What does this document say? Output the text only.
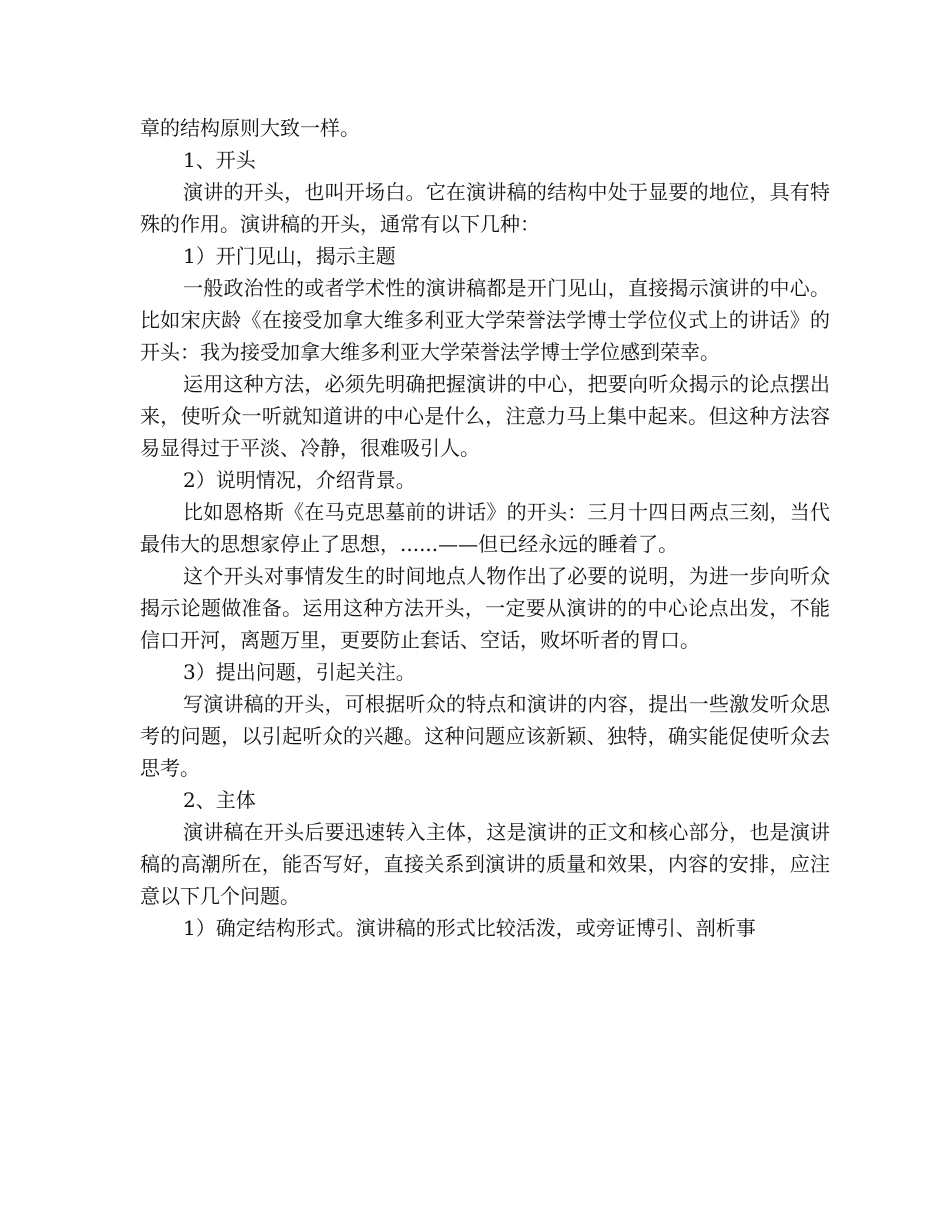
章的结构原则大致一样。

1、开头

演讲的开头，也叫开场白。它在演讲稿的结构中处于显要的地位，具有特殊的作用。演讲稿的开头，通常有以下几种：

1）开门见山，揭示主题

一般政治性的或者学术性的演讲稿都是开门见山，直接揭示演讲的中心。比如宋庆龄《在接受加拿大维多利亚大学荣誉法学博士学位仪式上的讲话》的开头：我为接受加拿大维多利亚大学荣誉法学博士学位感到荣幸。

运用这种方法，必须先明确把握演讲的中心，把要向听众揭示的论点摆出来，使听众一听就知道讲的中心是什么，注意力马上集中起来。但这种方法容易显得过于平淡、冷静，很难吸引人。

2）说明情况，介绍背景。

比如恩格斯《在马克思墓前的讲话》的开头：三月十四日两点三刻，当代最伟大的思想家停止了思想，......——但已经永远的睡着了。

这个开头对事情发生的时间地点人物作出了必要的说明，为进一步向听众揭示论题做准备。运用这种方法开头，一定要从演讲的的中心论点出发，不能信口开河，离题万里，更要防止套话、空话，败坏听者的胃口。

3）提出问题，引起关注。

写演讲稿的开头，可根据听众的特点和演讲的内容，提出一些激发听众思考的问题，以引起听众的兴趣。这种问题应该新颖、独特，确实能促使听众去思考。

2、主体

演讲稿在开头后要迅速转入主体，这是演讲的正文和核心部分，也是演讲稿的高潮所在，能否写好，直接关系到演讲的质量和效果，内容的安排，应注意以下几个问题。

1）确定结构形式。演讲稿的形式比较活泼，或旁证博引、剖析事
